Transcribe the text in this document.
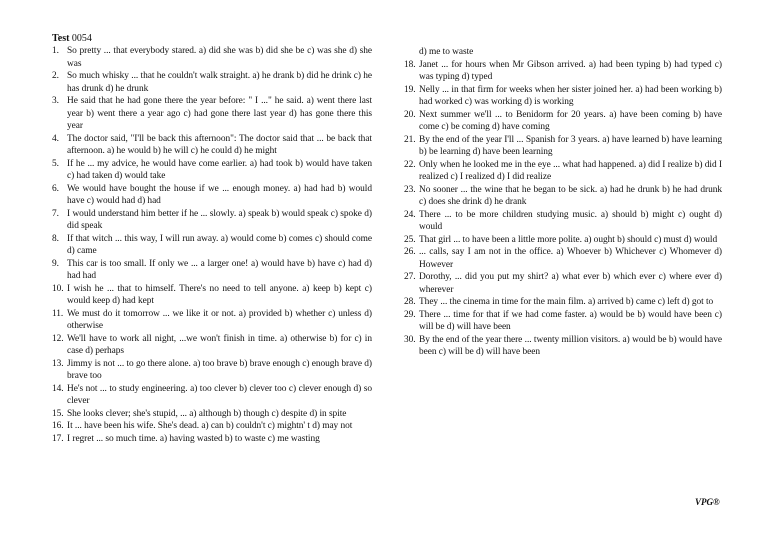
Test 0054
1. So pretty ... that everybody stared. a) did she was b) did she be c) was she d) she was
2. So much whisky ... that he couldn't walk straight. a) he drank b) did he drink c) he has drunk d) he drunk
3. He said that he had gone there the year before: " I ..." he said. a) went there last year b) went there a year ago c) had gone there last year d) has gone there this year
4. The doctor said, "I'll be back this afternoon": The doctor said that ... be back that afternoon. a) he would b) he will c) he could d) he might
5. If he ... my advice, he would have come earlier. a) had took b) would have taken c) had taken d) would take
6. We would have bought the house if we ... enough money. a) had had b) would have c) would had d) had
7. I would understand him better if he ... slowly. a) speak b) would speak c) spoke d) did speak
8. If that witch ... this way, I will run away. a) would come b) comes c) should come d) came
9. This car is too small. If only we ... a larger one! a) would have b) have c) had d) had had
10. I wish he ... that to himself. There's no need to tell anyone. a) keep b) kept c) would keep d) had kept
11. We must do it tomorrow ... we like it or not. a) provided b) whether c) unless d) otherwise
12. We'll have to work all night, ...we won't finish in time. a) otherwise b) for c) in case d) perhaps
13. Jimmy is not ... to go there alone. a) too brave b) brave enough c) enough brave d) brave too
14. He's not ... to study engineering. a) too clever b) clever too c) clever enough d) so clever
15. She looks clever; she's stupid, ... a) although b) though c) despite d) in spite
16. It ... have been his wife. She's dead. a) can b) couldn't c) mightn' t d) may not
17. I regret ... so much time. a) having wasted b) to waste c) me wasting
d) me to waste
18. Janet ... for hours when Mr Gibson arrived. a) had been typing b) had typed c) was typing d) typed
19. Nelly ... in that firm for weeks when her sister joined her. a) had been working b) had worked c) was working d) is working
20. Next summer we'll ... to Benidorm for 20 years. a) have been coming b) have come c) be coming d) have coming
21. By the end of the year I'll ... Spanish for 3 years. a) have learned b) have learning b) be learning d) have been learning
22. Only when he looked me in the eye ... what had happened. a) did I realize b) did I realized c) I realized d) I did realize
23. No sooner ... the wine that he began to be sick. a) had he drunk b) he had drunk c) does she drink d) he drank
24. There ... to be more children studying music. a) should b) might c) ought d) would
25. That girl ... to have been a little more polite. a) ought b) should c) must d) would
26. ... calls, say I am not in the office. a) Whoever b) Whichever c) Whomever d) However
27. Dorothy, ... did you put my shirt? a) what ever b) which ever c) where ever d) wherever
28. They ... the cinema in time for the main film. a) arrived b) came c) left d) got to
29. There ... time for that if we had come faster. a) would be b) would have been c) will be d) will have been
30. By the end of the year there ... twenty million visitors. a) would be b) would have been c) will be d) will have been
VPG®
